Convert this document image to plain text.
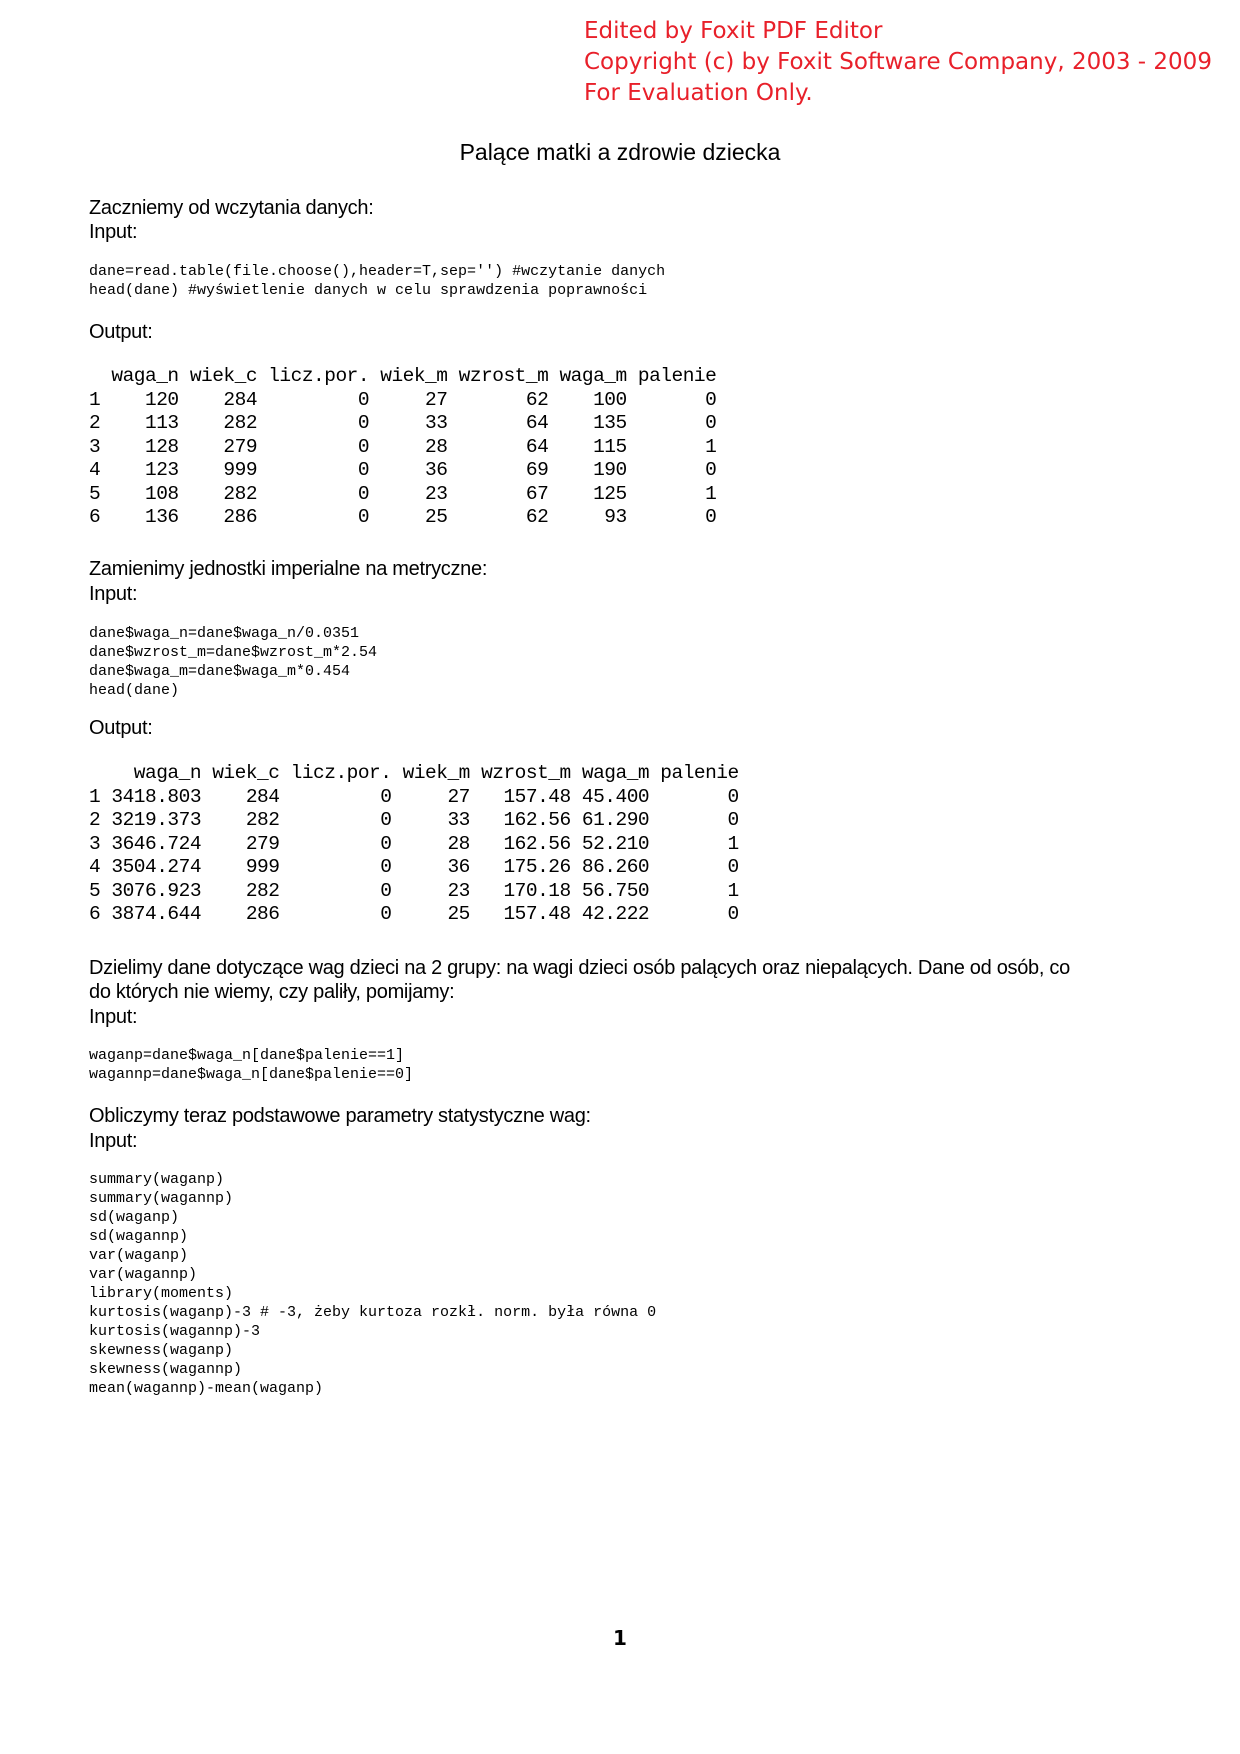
Edited by Foxit PDF Editor
Copyright (c) by Foxit Software Company, 2003 - 2009
For Evaluation Only.
Palące matki a zdrowie dziecka
Zaczniemy od wczytania danych:
Input:
dane=read.table(file.choose(),header=T,sep='') #wczytanie danych
head(dane) #wyświetlenie danych w celu sprawdzenia poprawności
Output:
waga_n wiek_c licz.por. wiek_m wzrost_m waga_m palenie
1    120    284         0     27       62    100       0
2    113    282         0     33       64    135       0
3    128    279         0     28       64    115       1
4    123    999         0     36       69    190       0
5    108    282         0     23       67    125       1
6    136    286         0     25       62     93       0
Zamienimy jednostki imperialne na metryczne:
Input:
dane$waga_n=dane$waga_n/0.0351
dane$wzrost_m=dane$wzrost_m*2.54
dane$waga_m=dane$waga_m*0.454
head(dane)
Output:
waga_n wiek_c licz.por. wiek_m wzrost_m waga_m palenie
1 3418.803    284         0     27   157.48 45.400       0
2 3219.373    282         0     33   162.56 61.290       0
3 3646.724    279         0     28   162.56 52.210       1
4 3504.274    999         0     36   175.26 86.260       0
5 3076.923    282         0     23   170.18 56.750       1
6 3874.644    286         0     25   157.48 42.222       0
Dzielimy dane dotyczące wag dzieci na 2 grupy: na wagi dzieci osób palących oraz niepalących. Dane od osób, co
do których nie wiemy, czy paliły, pomijamy:
Input:
waganp=dane$waga_n[dane$palenie==1]
wagannp=dane$waga_n[dane$palenie==0]
Obliczymy teraz podstawowe parametry statystyczne wag:
Input:
summary(waganp)
summary(wagannp)
sd(waganp)
sd(wagannp)
var(waganp)
var(wagannp)
library(moments)
kurtosis(waganp)-3 # -3, żeby kurtoza rozkł. norm. była równa 0
kurtosis(wagannp)-3
skewness(waganp)
skewness(wagannp)
mean(wagannp)-mean(waganp)
1
